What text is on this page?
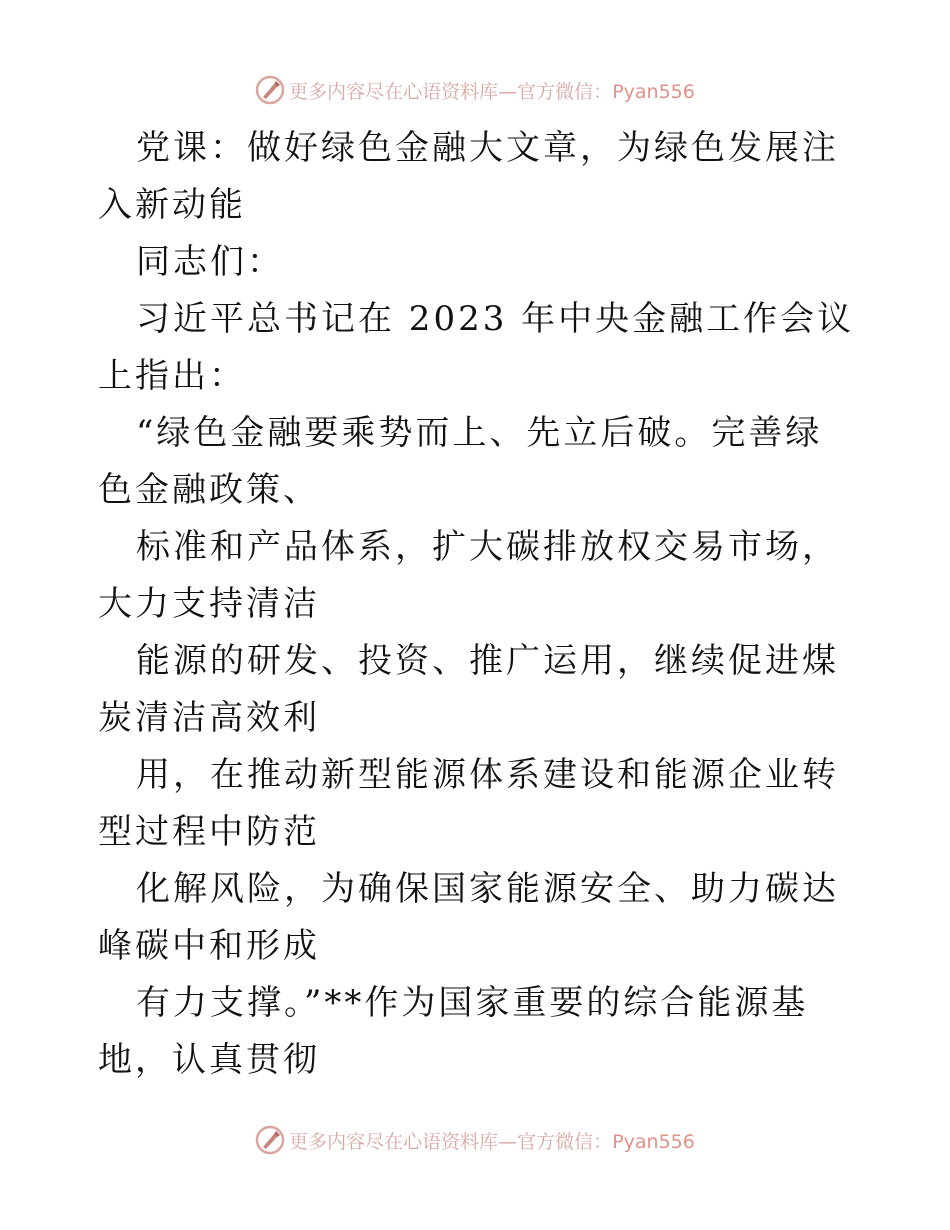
更多内容尽在心语资料库—官方微信：Pyan556

党课：做好绿色金融大文章，为绿色发展注入新动能

同志们：

习近平总书记在 2023 年中央金融工作会议上指出：

“绿色金融要乘势而上、先立后破。完善绿色金融政策、

标准和产品体系，扩大碳排放权交易市场，大力支持清洁

能源的研发、投资、推广运用，继续促进煤炭清洁高效利

用，在推动新型能源体系建设和能源企业转型过程中防范

化解风险，为确保国家能源安全、助力碳达峰碳中和形成

有力支撑。”**作为国家重要的综合能源基地，认真贯彻

更多内容尽在心语资料库—官方微信：Pyan556
